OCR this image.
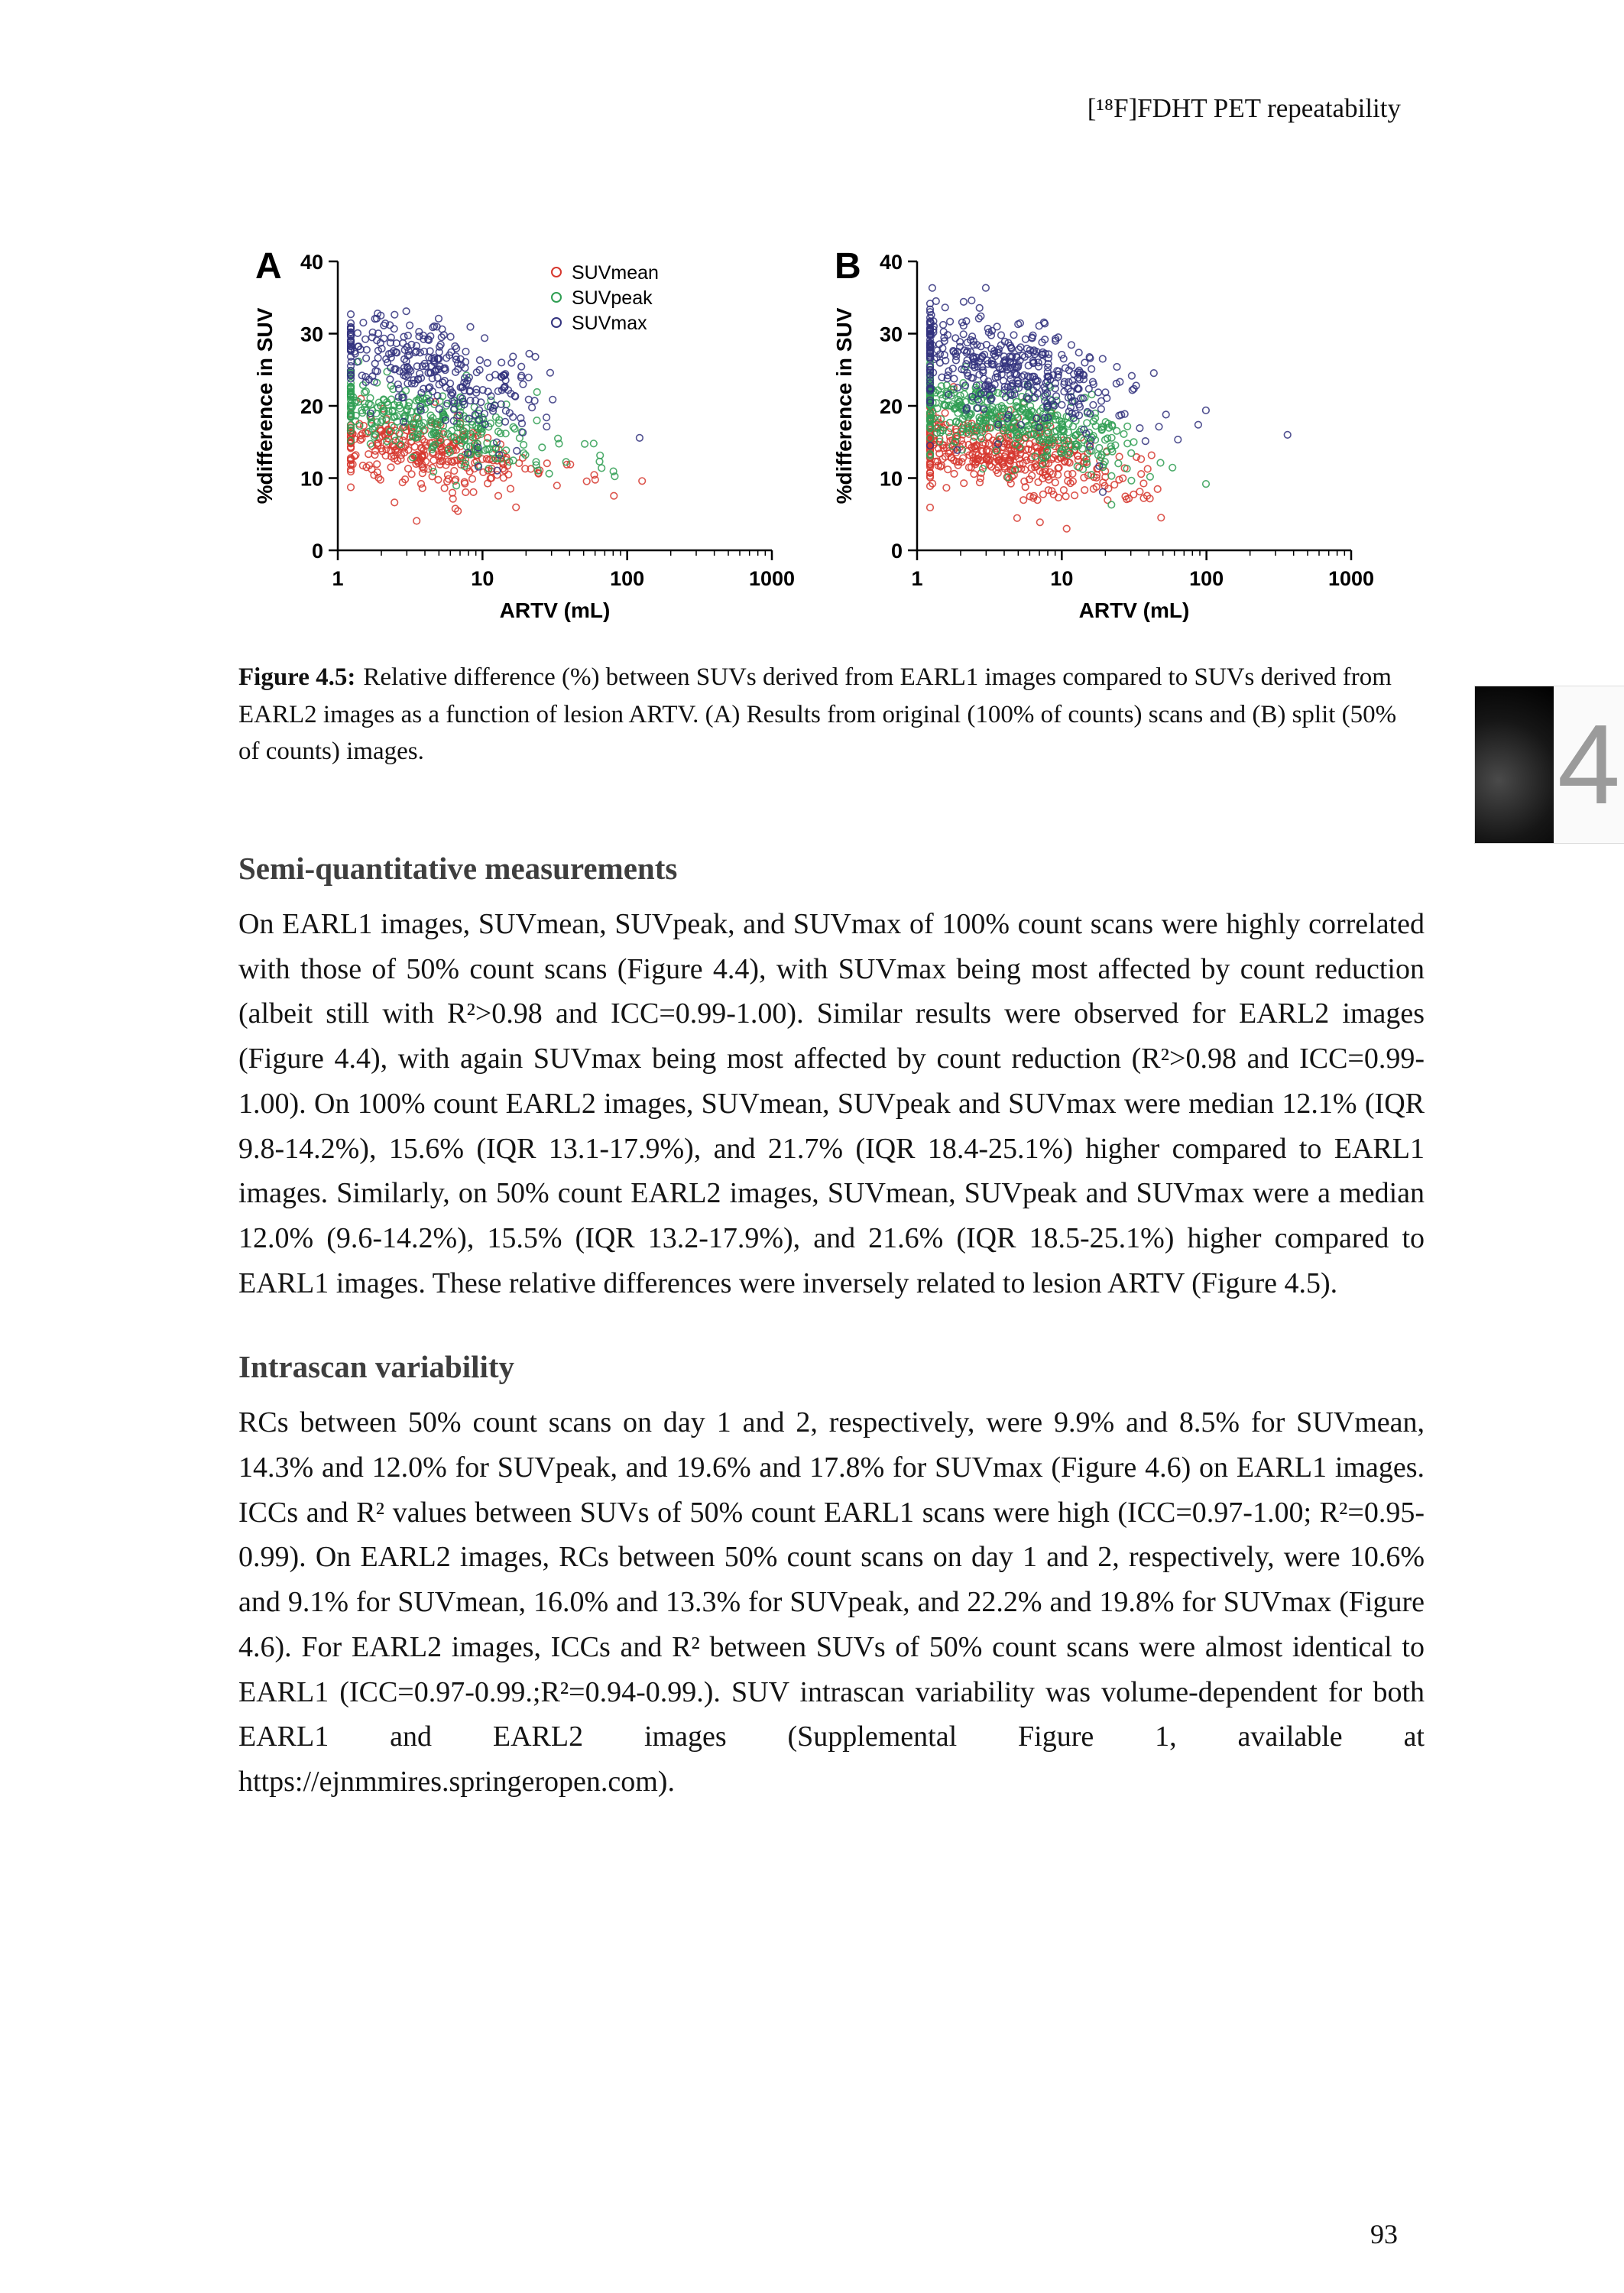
[¹⁸F]FDHT PET repeatability
A
0
10
20
30
40
1	10	100	1000
ARTV (mL)
%difference in SUV
SUVmean
SUVpeak
SUVmax
B
0
10
20
30
40
1	10	100	1000
ARTV (mL)
%difference in SUV
Figure 4.5: Relative difference (%) between SUVs derived from EARL1 images compared to SUVs derived from EARL2 images as a function of lesion ARTV. (A) Results from original (100% of counts) scans and (B) split (50% of counts) images.	4
Semi-quantitative measurements

On EARL1 images, SUVmean, SUVpeak, and SUVmax of 100% count scans were highly correlated with those of 50% count scans (Figure 4.4), with SUVmax being most affected by count reduction (albeit still with R²>0.98 and ICC=0.99-1.00). Similar results were observed for EARL2 images (Figure 4.4), with again SUVmax being most affected by count reduction (R²>0.98 and ICC=0.99-1.00). On 100% count EARL2 images, SUVmean, SUVpeak and SUVmax were median 12.1% (IQR 9.8-14.2%), 15.6% (IQR 13.1-17.9%), and 21.7% (IQR 18.4-25.1%) higher compared to EARL1 images. Similarly, on 50% count EARL2 images, SUVmean, SUVpeak and SUVmax were a median 12.0% (9.6-14.2%), 15.5% (IQR 13.2-17.9%), and 21.6% (IQR 18.5-25.1%) higher compared to EARL1 images. These relative differences were inversely related to lesion ARTV (Figure 4.5).

Intrascan variability

RCs between 50% count scans on day 1 and 2, respectively, were 9.9% and 8.5% for SUVmean, 14.3% and 12.0% for SUVpeak, and 19.6% and 17.8% for SUVmax (Figure 4.6) on EARL1 images. ICCs and R² values between SUVs of 50% count EARL1 scans were high (ICC=0.97-1.00; R²=0.95-0.99). On EARL2 images, RCs between 50% count scans on day 1 and 2, respectively, were 10.6% and 9.1% for SUVmean, 16.0% and 13.3% for SUVpeak, and 22.2% and 19.8% for SUVmax (Figure 4.6). For EARL2 images, ICCs and R² between SUVs of 50% count scans were almost identical to EARL1 (ICC=0.97-0.99.;R²=0.94-0.99.). SUV intrascan variability was volume-dependent for both EARL1 and EARL2 images (Supplemental Figure 1, available at https://ejnmmires.springeropen.com).

93
